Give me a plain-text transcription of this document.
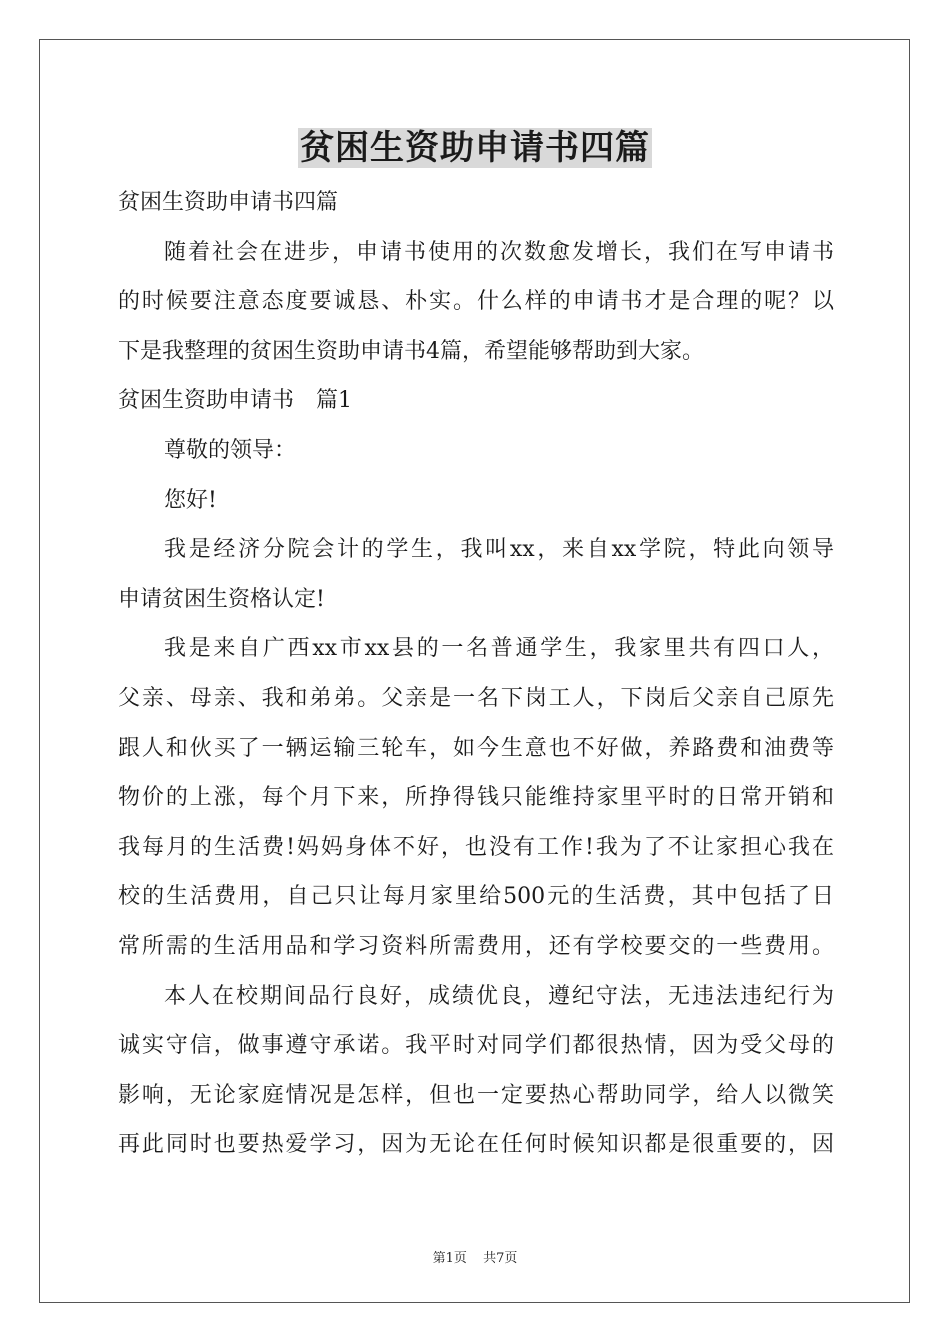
贫困生资助申请书四篇
贫困生资助申请书四篇
随着社会在进步，申请书使用的次数愈发增长，我们在写申请书
的时候要注意态度要诚恳、朴实。什么样的申请书才是合理的呢？以
下是我整理的贫困生资助申请书4篇，希望能够帮助到大家。
贫困生资助申请书　篇1
尊敬的领导：
您好!
我是经济分院会计的学生，我叫xx，来自xx学院，特此向领导
申请贫困生资格认定!
我是来自广西xx市xx县的一名普通学生，我家里共有四口人，
父亲、母亲、我和弟弟。父亲是一名下岗工人，下岗后父亲自己原先
跟人和伙买了一辆运输三轮车，如今生意也不好做，养路费和油费等
物价的上涨，每个月下来，所挣得钱只能维持家里平时的日常开销和
我每月的生活费!妈妈身体不好，也没有工作!我为了不让家担心我在
校的生活费用，自己只让每月家里给500元的生活费，其中包括了日
常所需的生活用品和学习资料所需费用，还有学校要交的一些费用。
本人在校期间品行良好，成绩优良，遵纪守法，无违法违纪行为
诚实守信，做事遵守承诺。我平时对同学们都很热情，因为受父母的
影响，无论家庭情况是怎样，但也一定要热心帮助同学，给人以微笑
再此同时也要热爱学习，因为无论在任何时候知识都是很重要的，因
第1页 共7页
